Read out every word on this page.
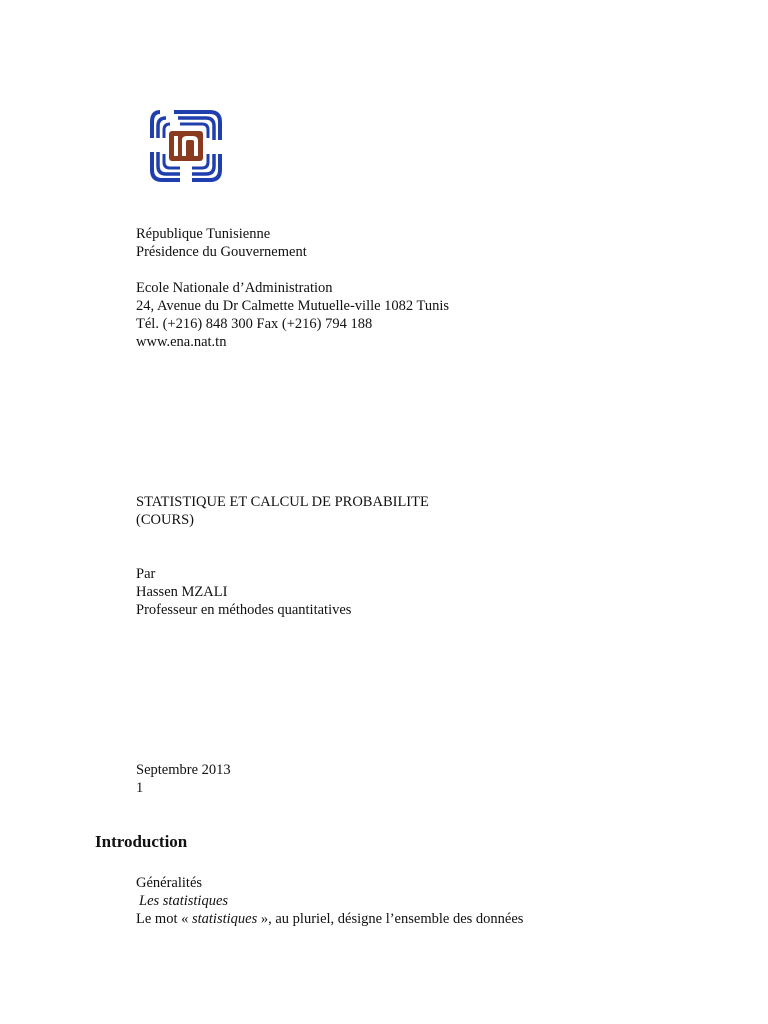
République Tunisienne
Présidence du Gouvernement
Ecole Nationale d’Administration
24, Avenue du Dr Calmette Mutuelle-ville 1082 Tunis
Tél. (+216) 848 300 Fax (+216) 794 188
www.ena.nat.tn
STATISTIQUE ET CALCUL DE PROBABILITE
(COURS)
Par
Hassen MZALI
Professeur en méthodes quantitatives
Septembre 2013
1
Introduction
Généralités
Les statistiques
Le mot « statistiques », au pluriel, désigne l’ensemble des données
